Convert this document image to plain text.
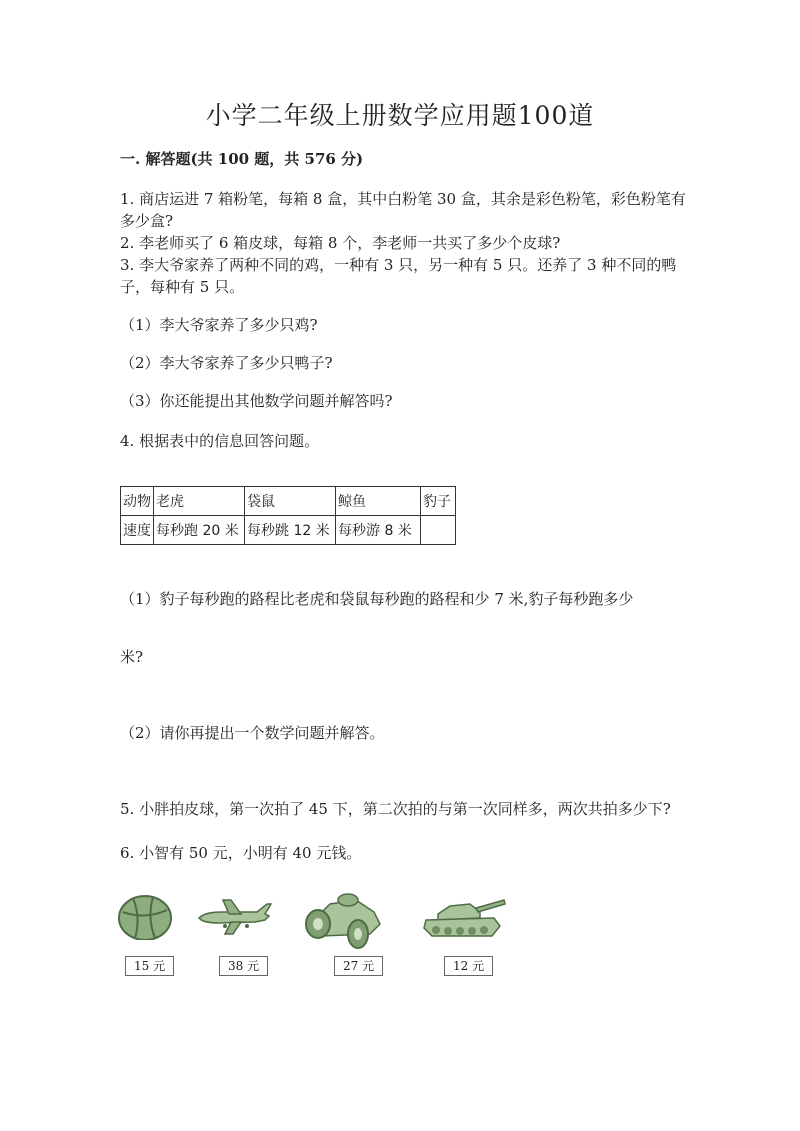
小学二年级上册数学应用题100道
一. 解答题(共 100 题，共 576 分)
1. 商店运进 7 箱粉笔，每箱 8 盒，其中白粉笔 30 盒，其余是彩色粉笔，彩色粉笔有多少盒?
2. 李老师买了 6 箱皮球，每箱 8 个，李老师一共买了多少个皮球?
3. 李大爷家养了两种不同的鸡，一种有 3 只，另一种有 5 只。还养了 3 种不同的鸭子，每种有 5 只。
（1）李大爷家养了多少只鸡?
（2）李大爷家养了多少只鸭子?
（3）你还能提出其他数学问题并解答吗?
4. 根据表中的信息回答问题。
动物	老虎	袋鼠	鲸鱼	豹子
速度	每秒跑 20 米	每秒跳 12 米	每秒游 8 米	
（1）豹子每秒跑的路程比老虎和袋鼠每秒跑的路程和少 7 米,豹子每秒跑多少
米?
（2）请你再提出一个数学问题并解答。
5. 小胖拍皮球，第一次拍了 45 下，第二次拍的与第一次同样多，两次共拍多少下?
6. 小智有 50 元，小明有 40 元钱。
15 元	38 元	27 元	12 元
